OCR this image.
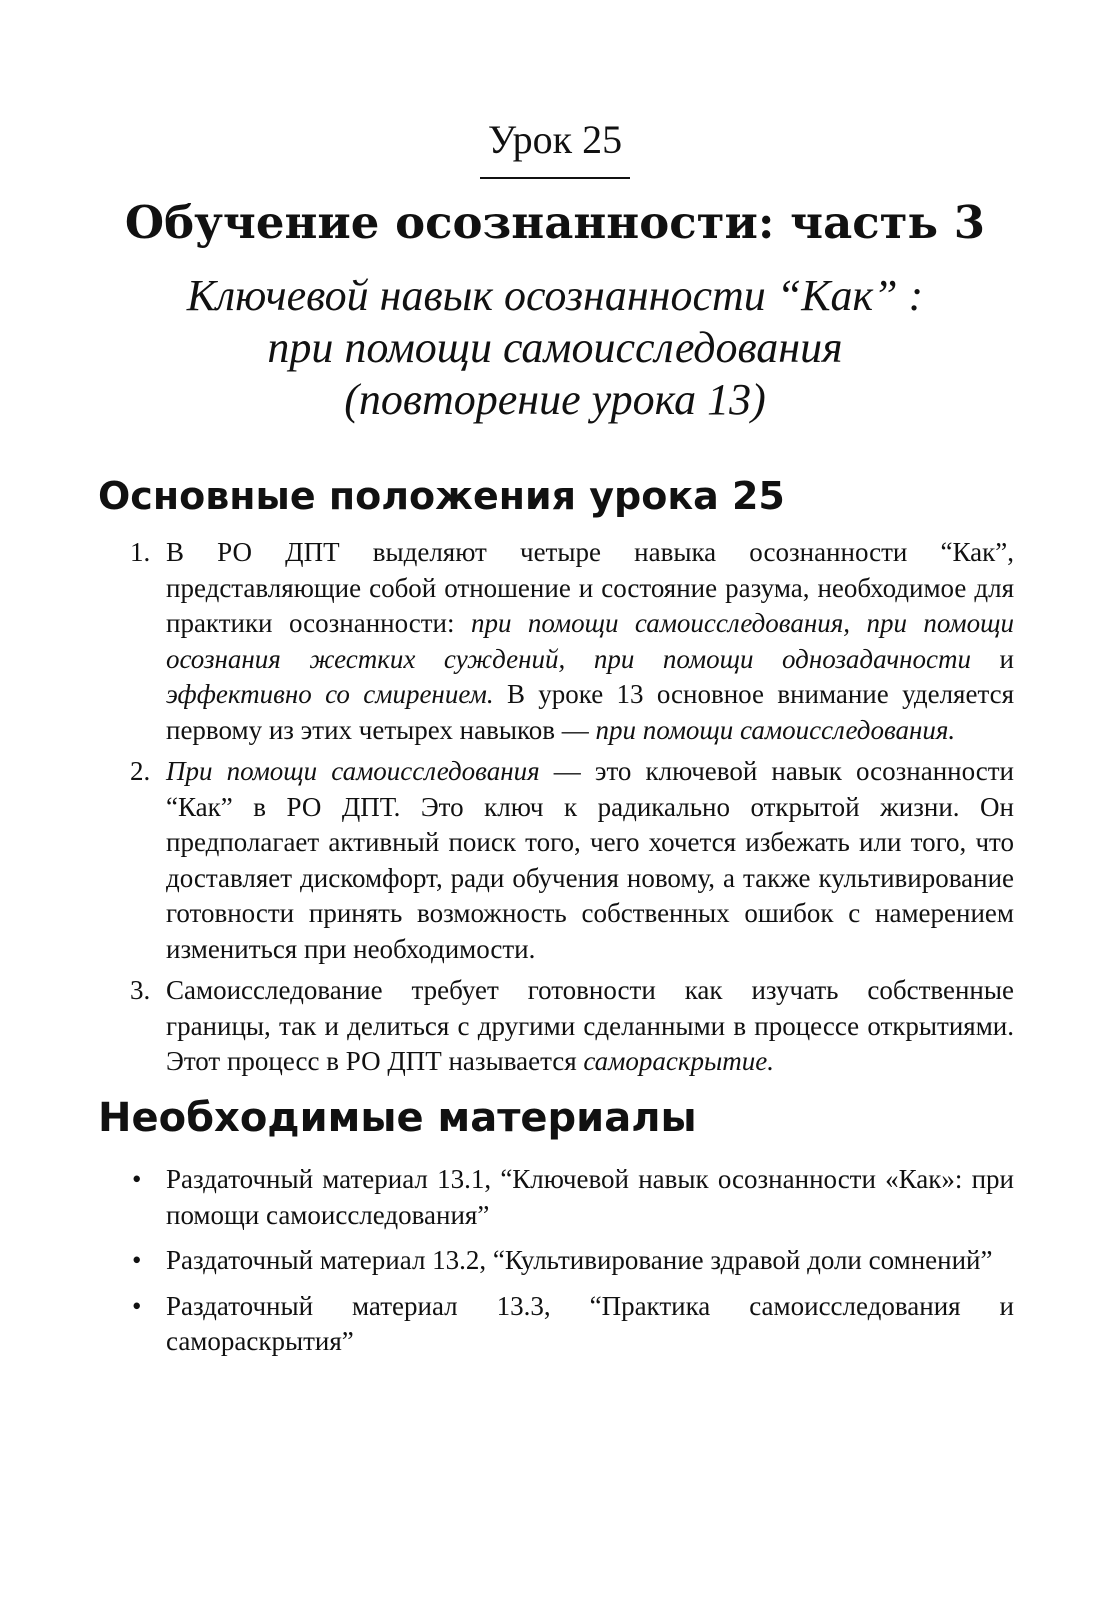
Урок 25
Обучение осознанности: часть 3
Ключевой навык осознанности “Как” :
при помощи самоисследования
(повторение урока 13)
Основные положения урока 25
1. В РО ДПТ выделяют четыре навыка осознанности “Как”, представляющие собой отношение и состояние разума, необходимое для практики осознанности: при помощи самоисследования, при помощи осознания жестких суждений, при помощи однозадачности и эффективно со смирением. В уроке 13 основное внимание уделяется первому из этих четырех навыков — при помощи самоисследования.
2. При помощи самоисследования — это ключевой навык осознанности “Как” в РО ДПТ. Это ключ к радикально открытой жизни. Он предполагает активный поиск того, чего хочется избежать или того, что доставляет дискомфорт, ради обучения новому, а также культивирование готовности принять возможность собственных ошибок с намерением измениться при необходимости.
3. Самоисследование требует готовности как изучать собственные границы, так и делиться с другими сделанными в процессе открытиями. Этот процесс в РО ДПТ называется самораскрытие.
Необходимые материалы
• Раздаточный материал 13.1, “Ключевой навык осознанности «Как»: при помощи самоисследования”
• Раздаточный материал 13.2, “Культивирование здравой доли сомнений”
• Раздаточный материал 13.3, “Практика самоисследования и самораскрытия”
